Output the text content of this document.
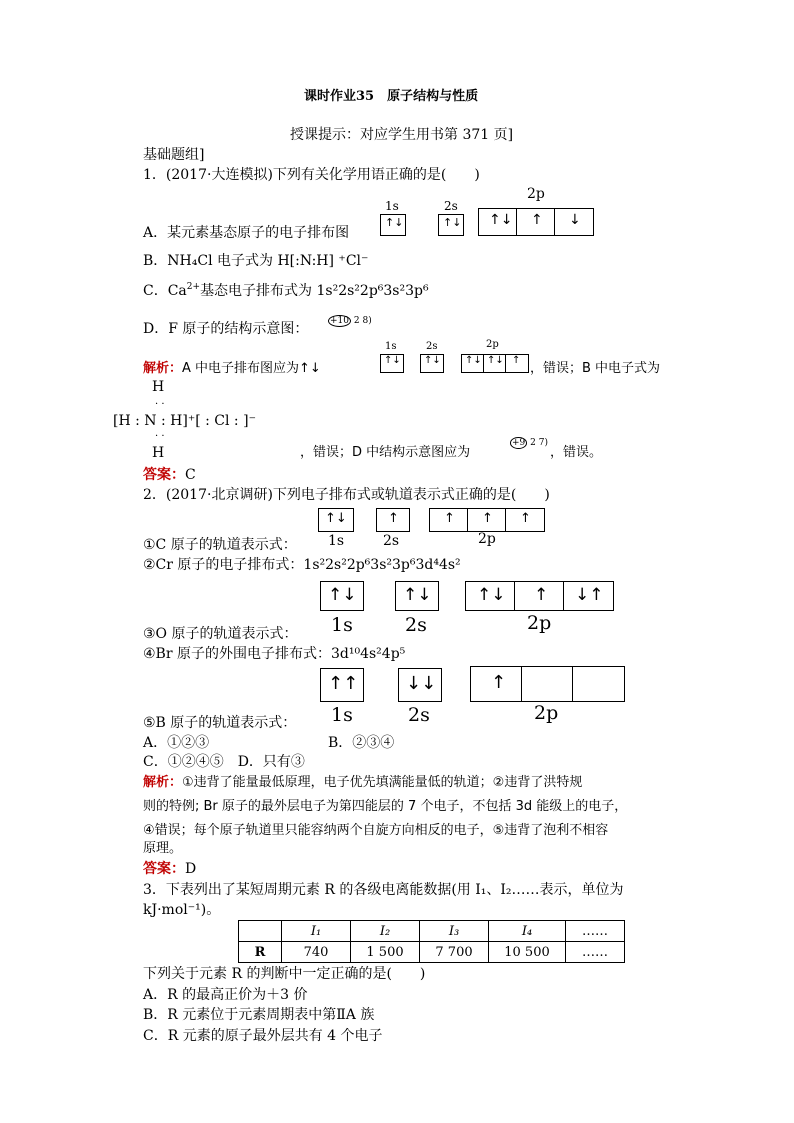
课时作业35　原子结构与性质
授课提示：对应学生用书第 371 页]
基础题组]
1．(2017·大连模拟)下列有关化学用语正确的是(　　)
1s
↑↓
2s
↑↓
2p
↑↓ ↑ ↓
A．某元素基态原子的电子排布图
B．NH₄Cl 电子式为 H[:N:H] ⁺Cl⁻
C．$Ca^{2+}$基态电子排布式为 1s²2s²2p⁶3s²3p⁶
D．F 原子的结构示意图： +10 2 8)
解析：A 中电子排布图应为↑↓
1s
↑↓
2s
↑↓
2p
↑↓ ↑↓ ↑
，错误；B 中电子式为
H
· ·
[H : N : H]⁺[ : Cl : ]⁻
· ·
H	，错误；D 中结构示意图应为
+9 2 7)
，错误。
答案：C
2．(2017·北京调研)下列电子排布式或轨道表示式正确的是(　　)
↑↓	↑	↑ ↑ ↑
1s	2s	2p
①C 原子的轨道表示式：
②Cr 原子的电子排布式：1s²2s²2p⁶3s²3p⁶3d⁴4s²
↑↓	↑↓	↑↓ ↑ ↓↑
1s	2s	2p
③O 原子的轨道表示式：
④Br 原子的外围电子排布式：3d¹⁰4s²4p⁵
↑↑	↓↓	↑
1s	2s	2p
⑤B 原子的轨道表示式：
A．①②③	B．②③④
C．①②④⑤　D．只有③
解析：①违背了能量最低原理，电子优先填满能量低的轨道；②违背了洪特规
则的特例; Br 原子的最外层电子为第四能层的 7 个电子，不包括 3d 能级上的电子，
④错误；每个原子轨道里只能容纳两个自旋方向相反的电子，⑤违背了泡利不相容
原理。
答案：D
3．下表列出了某短周期元素 R 的各级电离能数据(用 I₁、I₂……表示，单位为
kJ·mol⁻¹)。
	I₁	I₂	I₃	I₄	……
R	740	1 500	7 700	10 500	……
下列关于元素 R 的判断中一定正确的是(　　)
A．R 的最高正价为＋3 价
B．R 元素位于元素周期表中第ⅡA 族
C．R 元素的原子最外层共有 4 个电子
